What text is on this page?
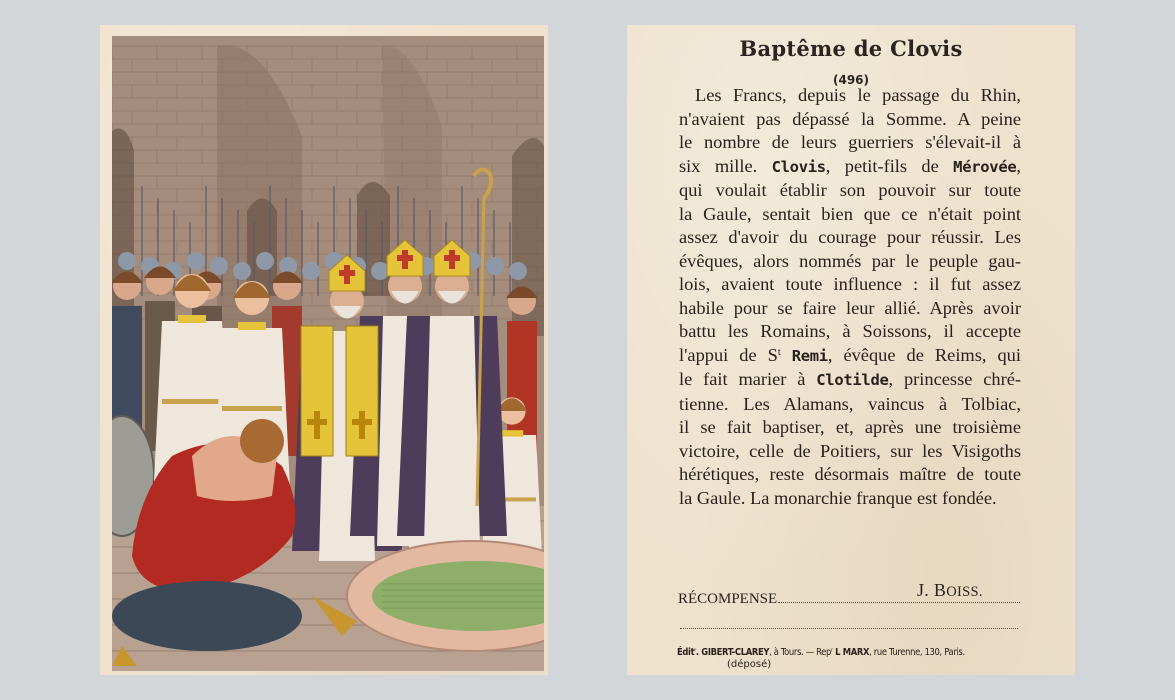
Baptême de Clovis
(496)
Les Francs, depuis le passage du Rhin,
n'avaient pas dépassé la Somme. A peine
le nombre de leurs guerriers s'élevait-il à
six mille. Clovis, petit-fils de Mérovée,
qui voulait établir son pouvoir sur toute
la Gaule, sentait bien que ce n'était point
assez d'avoir du courage pour réussir. Les
évêques, alors nommés par le peuple gau-
lois, avaient toute influence : il fut assez
habile pour se faire leur allié. Après avoir
battu les Romains, à Soissons, il accepte
l'appui de $S^t$ Remi, évêque de Reims, qui
le fait marier à Clotilde, princesse chré-
tienne. Les Alamans, vaincus à Tolbiac,
il se fait baptiser, et, après une troisième
victoire, celle de Poitiers, sur les Visigoths
hérétiques, reste désormais maître de toute
la Gaule. La monarchie franque est fondée.
J. BOISS.
RÉCOMPENSE
Édit$^r$. GIBERT-CLAREY, à Tours. — Rep$^r$ L MARX, rue Turenne, 130, Paris.
(déposé)
